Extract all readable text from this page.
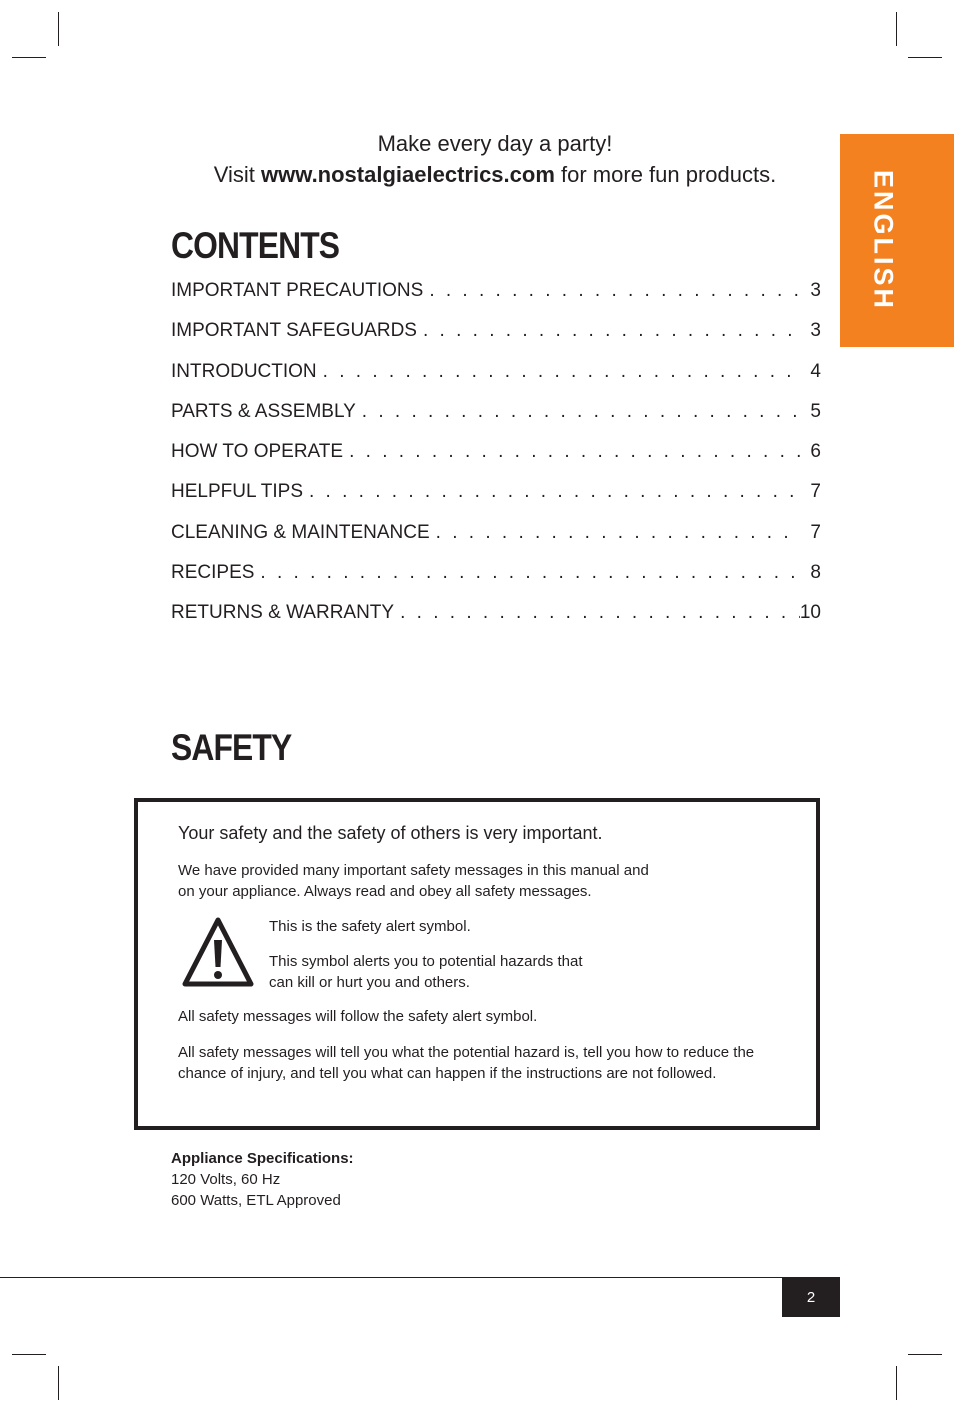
Make every day a party!
Visit www.nostalgiaelectrics.com for more fun products.
CONTENTS
IMPORTANT PRECAUTIONS . . .	3
IMPORTANT SAFEGUARDS . . .	3
INTRODUCTION . . .	4
PARTS & ASSEMBLY . . .	5
HOW TO OPERATE . . .	6
HELPFUL TIPS . . .	7
CLEANING & MAINTENANCE . . .	7
RECIPES . . .	8
RETURNS & WARRANTY . . .	10
ENGLISH
SAFETY

Your safety and the safety of others is very important.

We have provided many important safety messages in this manual and
on your appliance. Always read and obey all safety messages.

This is the safety alert symbol.

This symbol alerts you to potential hazards that
can kill or hurt you and others.

All safety messages will follow the safety alert symbol.

All safety messages will tell you what the potential hazard is, tell you how to reduce the
chance of injury, and tell you what can happen if the instructions are not followed.

Appliance Specifications:
120 Volts, 60 Hz
600 Watts, ETL Approved
2
